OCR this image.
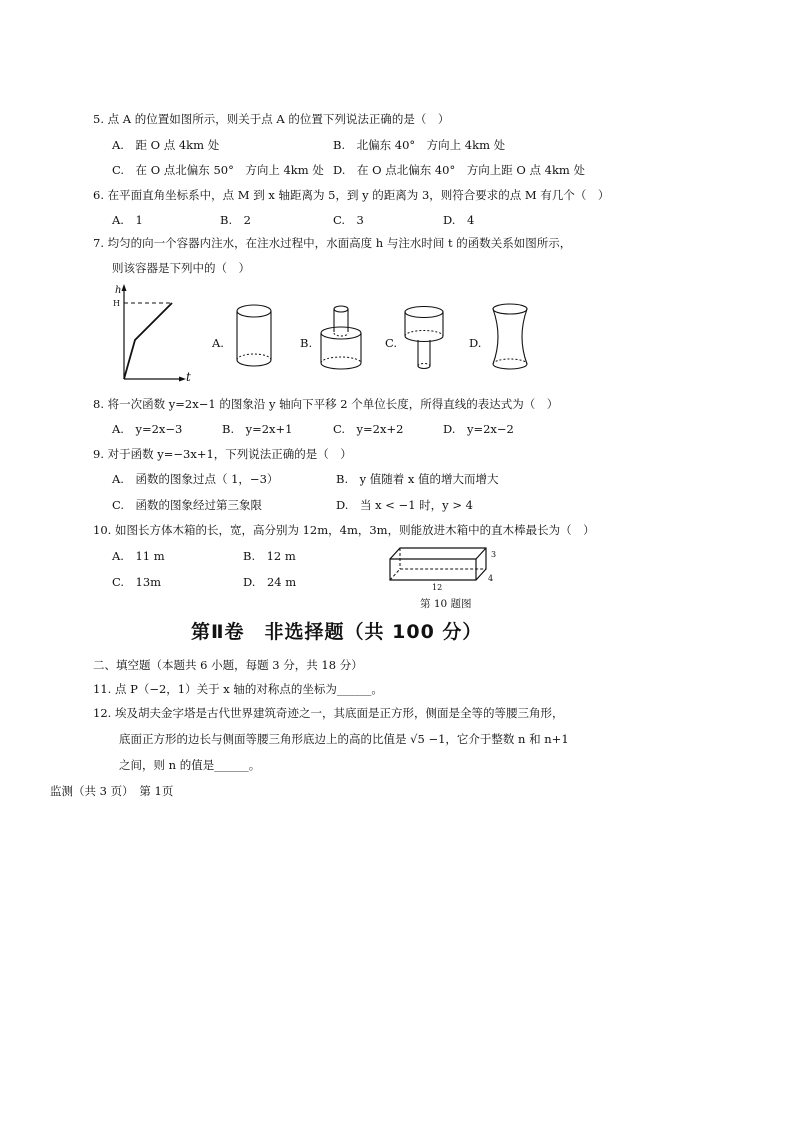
5. 点 A 的位置如图所示，则关于点 A 的位置下列说法正确的是（　）
A.　距 O 点 4km 处	B.　北偏东 40°　方向上 4km 处
C.　在 O 点北偏东 50°　方向上 4km 处 D.　在 O 点北偏东 40°　方向上距 O 点 4km 处
6. 在平面直角坐标系中，点 M 到 x 轴距离为 5，到 y 的距离为 3，则符合要求的点 M 有几个（　）
A.　1	B.　2	C.　3	D.　4
7. 均匀的向一个容器内注水，在注水过程中，水面高度 h 与注水时间 t 的函数关系如图所示，
则该容器是下列中的（　）
h
t
H
A.	B.	C.	D.
8. 将一次函数 y=2x−1 的图象沿 y 轴向下平移 2 个单位长度，所得直线的表达式为（　）
A.　y=2x−3	B.　y=2x+1	C.　y=2x+2	D.　y=2x−2
9. 对于函数 y=−3x+1，下列说法正确的是（　）
A.　函数的图象过点（ 1，−3）	B.　y 值随着 x 值的增大而增大
C.　函数的图象经过第三象限	D.　当 x < −1 时，y > 4
10. 如图长方体木箱的长，宽，高分别为 12m，4m，3m，则能放进木箱中的直木棒最长为（　）
A.　11 m	B.　12 m
C.　13m	D.　24 m
3
4
12
第 10 题图
第Ⅱ卷　非选择题（共 100 分）
二、填空题（本题共 6 小题，每题 3 分，共 18 分）
11. 点 P（−2，1）关于 x 轴的对称点的坐标为______。
12. 埃及胡夫金字塔是古代世界建筑奇迹之一，其底面是正方形，侧面是全等的等腰三角形，
底面正方形的边长与侧面等腰三角形底边上的高的比值是 √5 −1，它介于整数 n 和 n+1
之间，则 n 的值是______。
监测（共 3 页）　第 1页
